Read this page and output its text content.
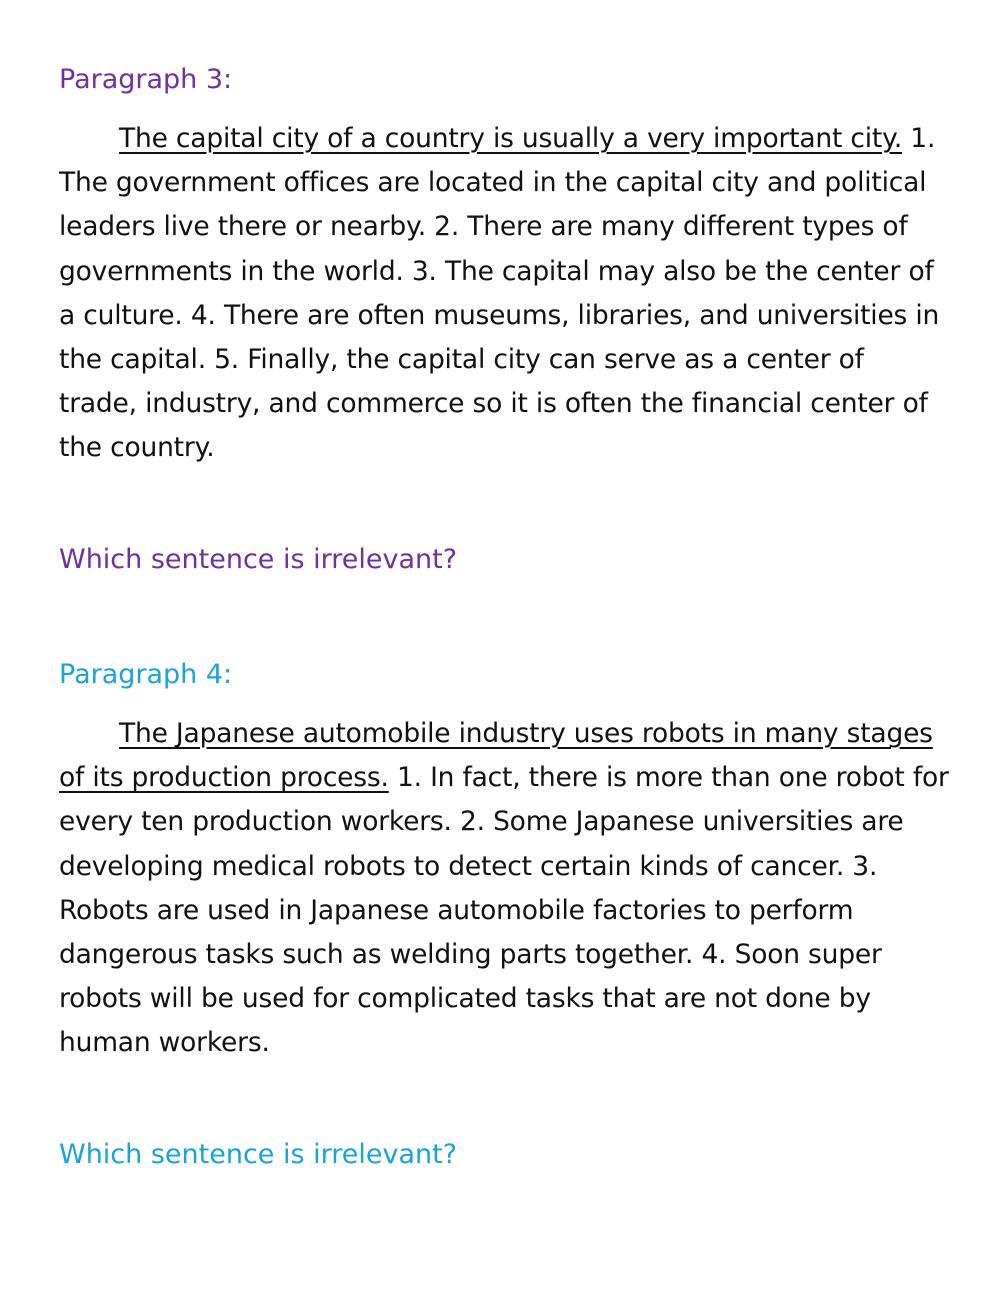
Paragraph 3:

The capital city of a country is usually a very important city. 1. The government offices are located in the capital city and political leaders live there or nearby. 2. There are many different types of governments in the world. 3. The capital may also be the center of a culture. 4. There are often museums, libraries, and universities in the capital. 5. Finally, the capital city can serve as a center of trade, industry, and commerce so it is often the financial center of the country.

Which sentence is irrelevant?
Paragraph 4:

The Japanese automobile industry uses robots in many stages of its production process. 1. In fact, there is more than one robot for every ten production workers. 2. Some Japanese universities are developing medical robots to detect certain kinds of cancer. 3. Robots are used in Japanese automobile factories to perform dangerous tasks such as welding parts together. 4. Soon super robots will be used for complicated tasks that are not done by human workers.

Which sentence is irrelevant?
